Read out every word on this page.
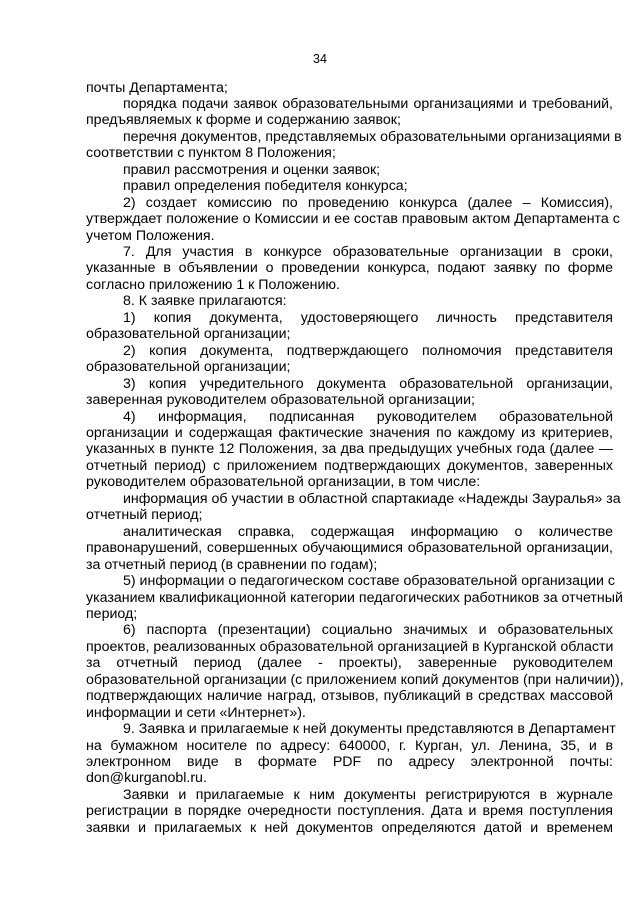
34
почты Департамента;
порядка подачи заявок образовательными организациями и требований,
предъявляемых к форме и содержанию заявок;
перечня документов, представляемых образовательными организациями в
соответствии с пунктом 8 Положения;
правил рассмотрения и оценки заявок;
правил определения победителя конкурса;
2) создает комиссию по проведению конкурса (далее – Комиссия),
утверждает положение о Комиссии и ее состав правовым актом Департамента с
учетом Положения.
7. Для участия в конкурсе образовательные организации в сроки,
указанные в объявлении о проведении конкурса, подают заявку по форме
согласно приложению 1 к Положению.
8. К заявке прилагаются:
1) копия документа, удостоверяющего личность представителя
образовательной организации;
2) копия документа, подтверждающего полномочия представителя
образовательной организации;
3) копия учредительного документа образовательной организации,
заверенная руководителем образовательной организации;
4) информация, подписанная руководителем образовательной
организации и содержащая фактические значения по каждому из критериев,
указанных в пункте 12 Положения, за два предыдущих учебных года (далее —
отчетный период) с приложением подтверждающих документов, заверенных
руководителем образовательной организации, в том числе:
информация об участии в областной спартакиаде «Надежды Зауралья» за
отчетный период;
аналитическая справка, содержащая информацию о количестве
правонарушений, совершенных обучающимися образовательной организации,
за отчетный период (в сравнении по годам);
5) информации о педагогическом составе образовательной организации с
указанием квалификационной категории педагогических работников за отчетный
период;
6) паспорта (презентации) социально значимых и образовательных
проектов, реализованных образовательной организацией в Курганской области
за отчетный период (далее - проекты), заверенные руководителем
образовательной организации (с приложением копий документов (при наличии)),
подтверждающих наличие наград, отзывов, публикаций в средствах массовой
информации и сети «Интернет»).
9. Заявка и прилагаемые к ней документы представляются в Департамент
на бумажном носителе по адресу: 640000, г. Курган, ул. Ленина, 35, и в
электронном виде в формате PDF по адресу электронной почты:
don@kurganobl.ru.
Заявки и прилагаемые к ним документы регистрируются в журнале
регистрации в порядке очередности поступления. Дата и время поступления
заявки и прилагаемых к ней документов определяются датой и временем
